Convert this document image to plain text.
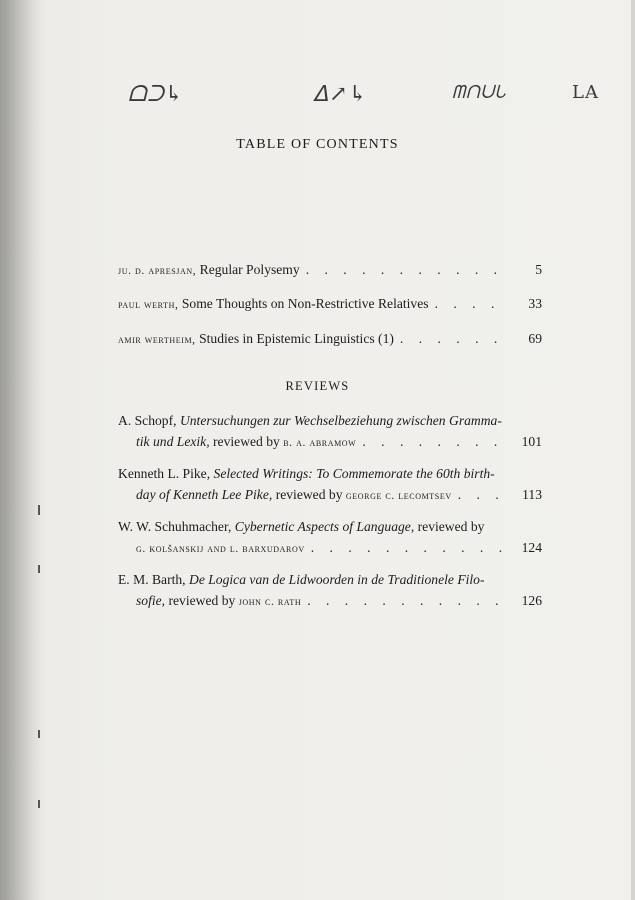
ᗝᑐ↳	ᐃ↗↳	ᗰᑎᑌᒐ	LA
TABLE OF CONTENTS
ju. d. apresjan,
Regular Polysemy . . .	5
paul werth,
Some Thoughts on Non-Restrictive Relatives . . .	33
amir wertheim,
Studies in Epistemic Linguistics (1) . . .	69
REVIEWS
A. Schopf,
Untersuchungen zur Wechselbeziehung zwischen Gramma-
tik und Lexik,
reviewed by
b. a. abramow . . .	101
Kenneth L. Pike,
Selected Writings: To Commemorate the 60th birth-
day of Kenneth Lee Pike,
reviewed by
george c. lecomtsev . . .	113
W. W. Schuhmacher,
Cybernetic Aspects of Language,
reviewed by
g. kolšanskij and l. barxudarov . . .	124
E. M. Barth,
De Logica van de Lidwoorden in de Traditionele Filo-
sofie,
reviewed by
john c. rath . . .	126
